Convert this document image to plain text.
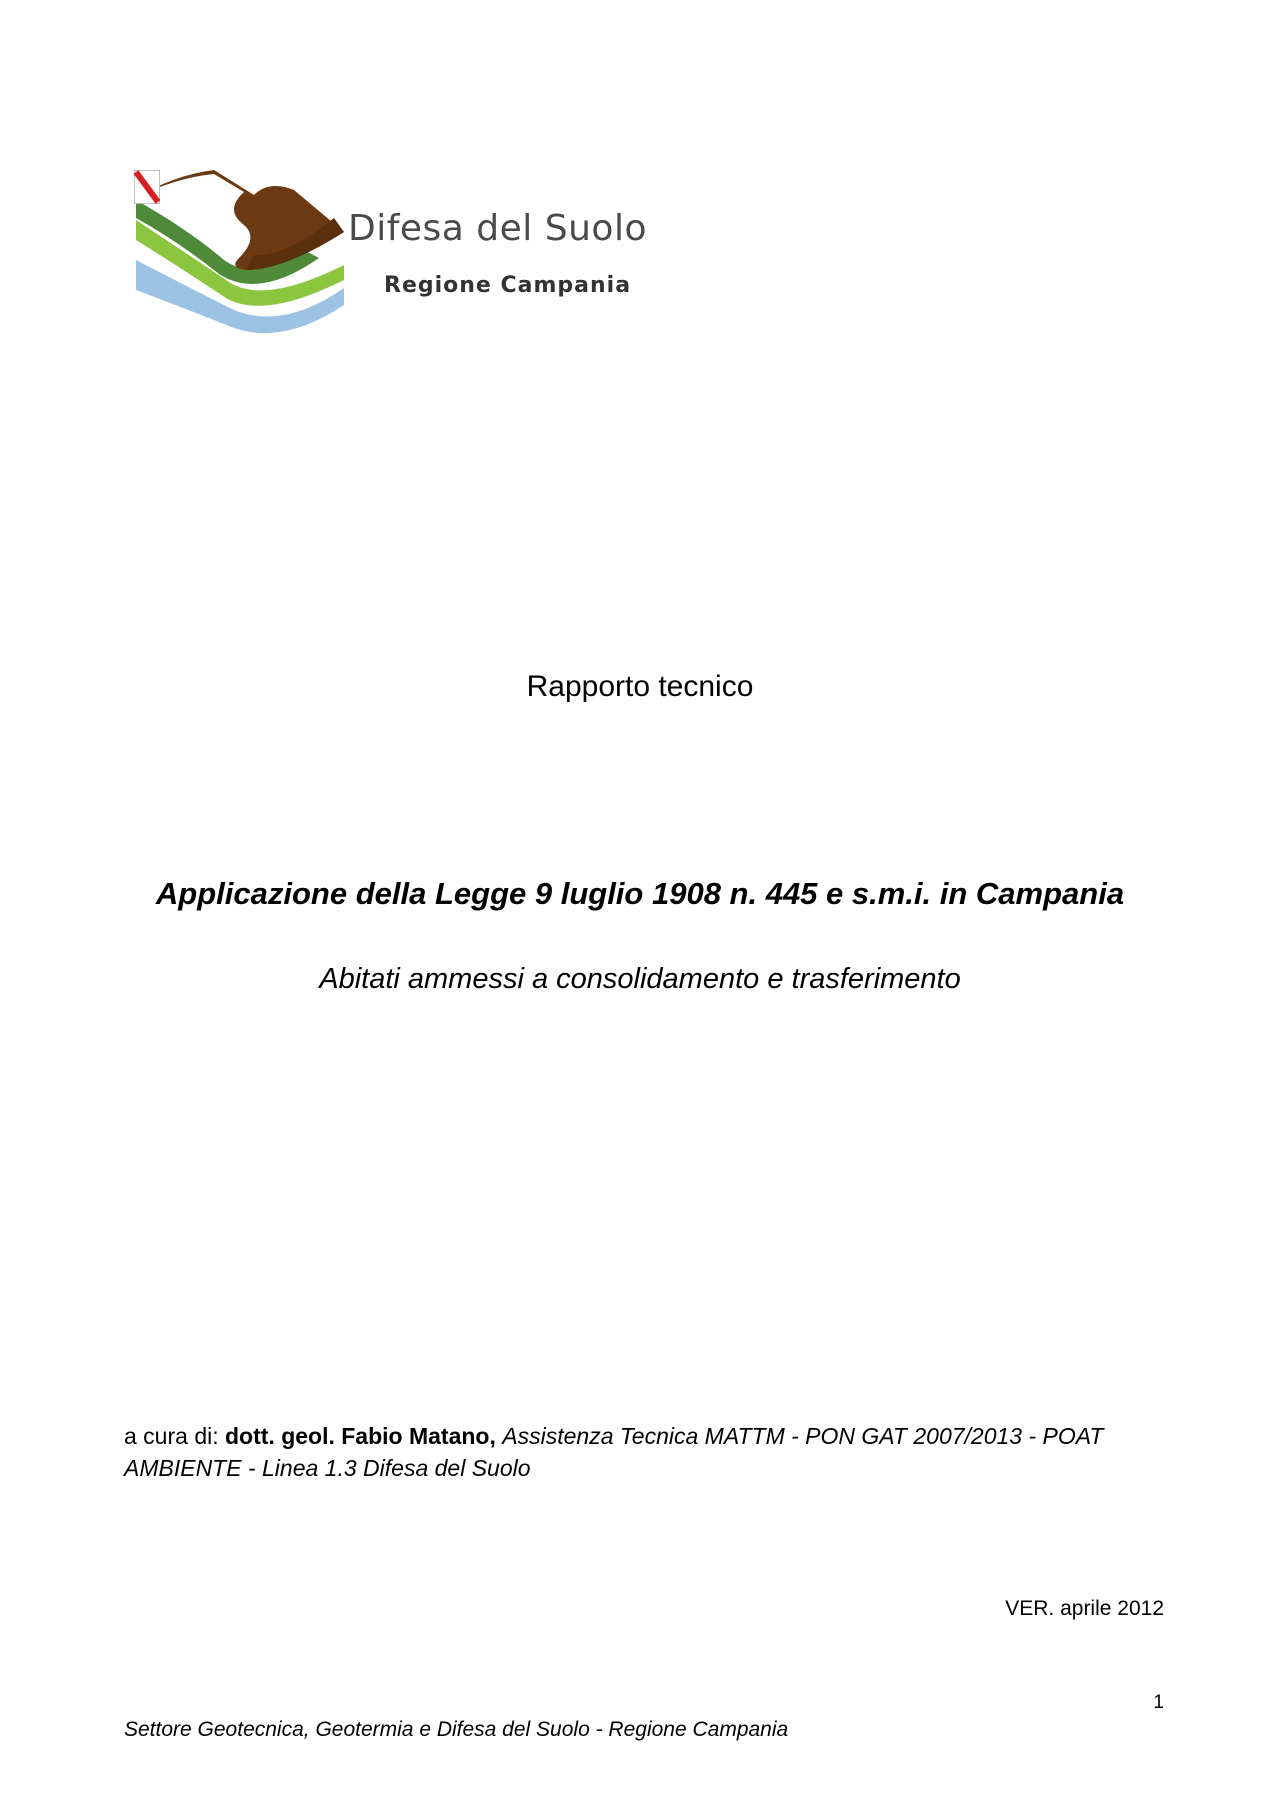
Difesa del Suolo
Regione Campania
Rapporto tecnico
Applicazione della Legge 9 luglio 1908 n. 445 e s.m.i. in Campania
Abitati ammessi a consolidamento e trasferimento
a cura di: dott. geol. Fabio Matano, Assistenza Tecnica MATTM - PON GAT 2007/2013 - POAT AMBIENTE - Linea 1.3 Difesa del Suolo
VER. aprile 2012
1
Settore Geotecnica, Geotermia e Difesa del Suolo - Regione Campania
